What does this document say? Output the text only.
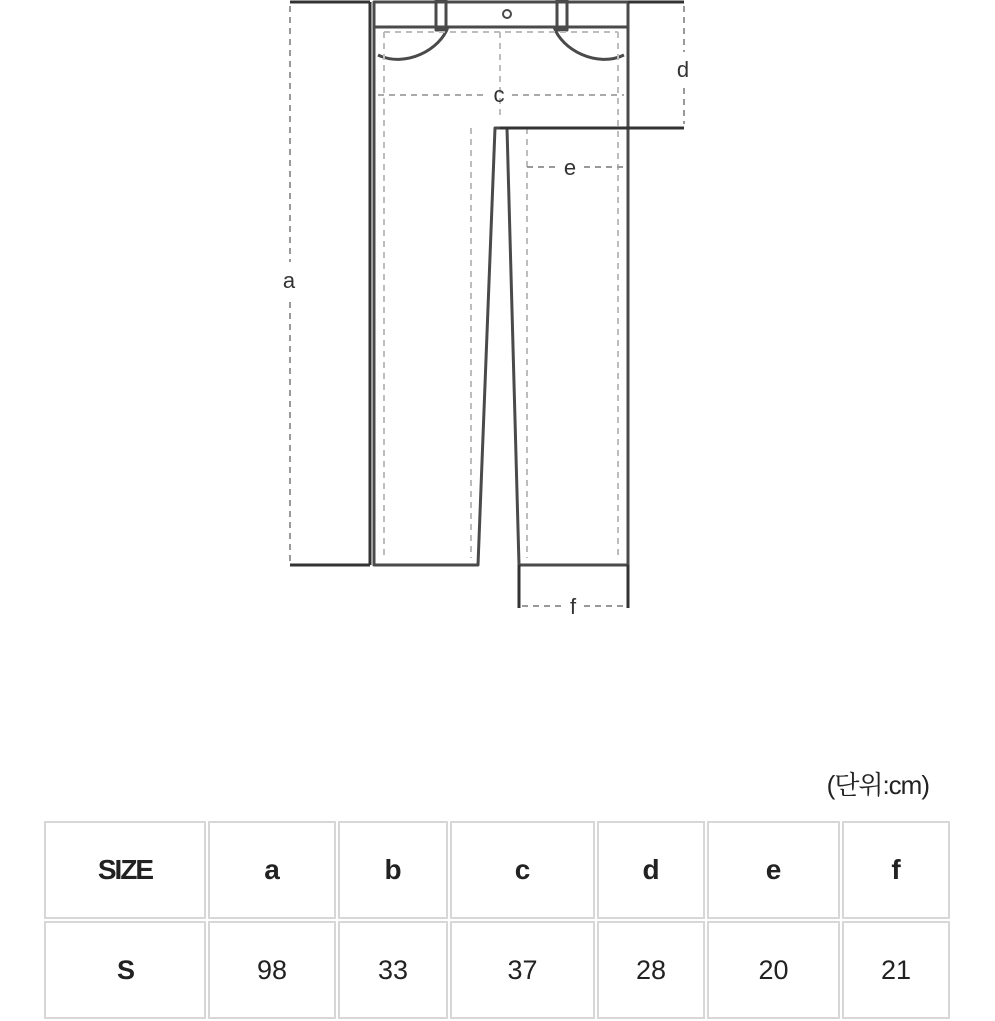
a
c
d
e
f
(단위:cm)
SIZE	a	b	c	d	e	f
S	98	33	37	28	20	21
